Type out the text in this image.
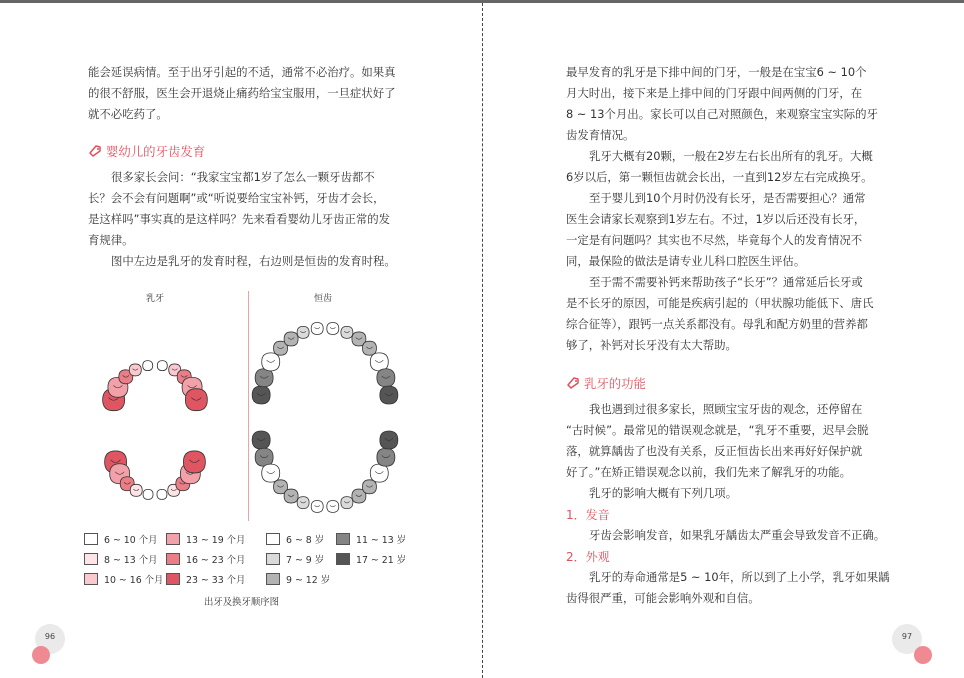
能会延误病情。至于出牙引起的不适，通常不必治疗。如果真
的很不舒服，医生会开退烧止痛药给宝宝服用，一旦症状好了
就不必吃药了。

婴幼儿的牙齿发育

很多家长会问：“我家宝宝都1岁了怎么一颗牙齿都不
长？会不会有问题啊”或“听说要给宝宝补钙，牙齿才会长，
是这样吗”事实真的是这样吗？先来看看婴幼儿牙齿正常的发
育规律。

图中左边是乳牙的发育时程，右边则是恒齿的发育时程。

96
乳牙	恒齿
6 ~ 10 个月
8 ~ 13 个月
10 ~ 16 个月
13 ~ 19 个月
16 ~ 23 个月
23 ~ 33 个月
6 ~ 8 岁
7 ~ 9 岁
9 ~ 12 岁
11 ~ 13 岁
17 ~ 21 岁
出牙及换牙顺序图

最早发育的乳牙是下排中间的门牙，一般是在宝宝6 ~ 10个
月大时出，接下来是上排中间的门牙跟中间两侧的门牙，在
8 ~ 13个月出。家长可以自己对照颜色，来观察宝宝实际的牙
齿发育情况。

乳牙大概有20颗，一般在2岁左右长出所有的乳牙。大概
6岁以后，第一颗恒齿就会长出，一直到12岁左右完成换牙。

至于婴儿到10个月时仍没有长牙，是否需要担心？通常
医生会请家长观察到1岁左右。不过，1岁以后还没有长牙，
一定是有问题吗？其实也不尽然，毕竟每个人的发育情况不
同，最保险的做法是请专业儿科口腔医生评估。

至于需不需要补钙来帮助孩子“长牙”？通常延后长牙或
是不长牙的原因，可能是疾病引起的（甲状腺功能低下、唐氏
综合征等），跟钙一点关系都没有。母乳和配方奶里的营养都
够了，补钙对长牙没有太大帮助。

乳牙的功能

我也遇到过很多家长，照顾宝宝牙齿的观念，还停留在
“古时候”。最常见的错误观念就是，“乳牙不重要，迟早会脱
落，就算龋齿了也没有关系，反正恒齿长出来再好好保护就
好了。”在矫正错误观念以前，我们先来了解乳牙的功能。

乳牙的影响大概有下列几项。

1．发音

牙齿会影响发音，如果乳牙龋齿太严重会导致发音不正确。

2．外观

乳牙的寿命通常是5 ~ 10年，所以到了上小学，乳牙如果龋
齿得很严重，可能会影响外观和自信。

97
